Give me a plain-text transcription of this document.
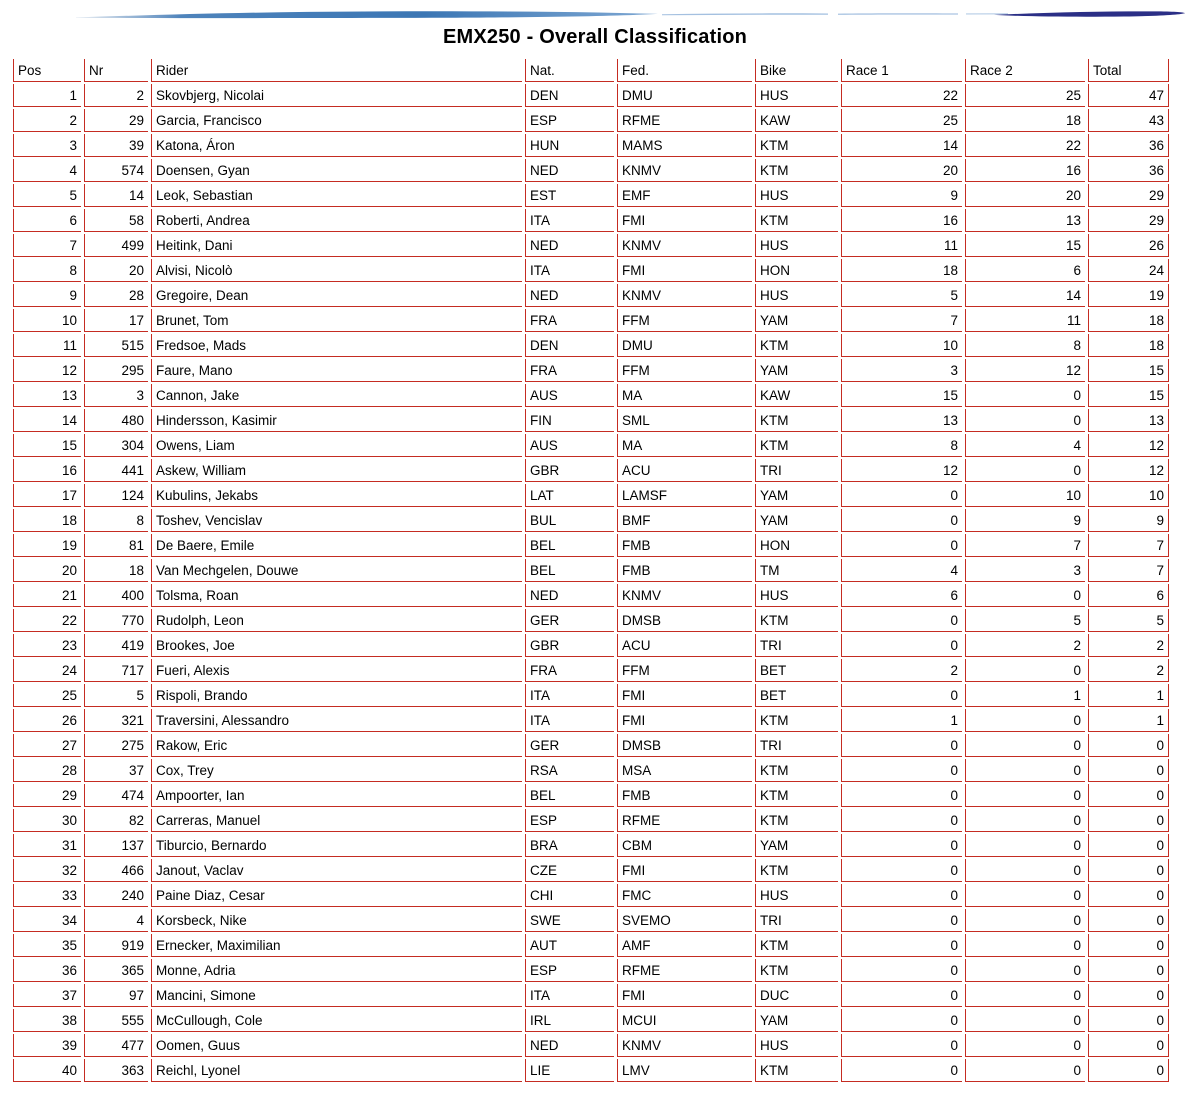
EMX250 - Overall Classification
Pos	Nr	Rider	Nat.	Fed.	Bike	Race 1	Race 2	Total
1	2	Skovbjerg, Nicolai	DEN	DMU	HUS	22	25	47
2	29	Garcia, Francisco	ESP	RFME	KAW	25	18	43
3	39	Katona, Áron	HUN	MAMS	KTM	14	22	36
4	574	Doensen, Gyan	NED	KNMV	KTM	20	16	36
5	14	Leok, Sebastian	EST	EMF	HUS	9	20	29
6	58	Roberti, Andrea	ITA	FMI	KTM	16	13	29
7	499	Heitink, Dani	NED	KNMV	HUS	11	15	26
8	20	Alvisi, Nicolò	ITA	FMI	HON	18	6	24
9	28	Gregoire, Dean	NED	KNMV	HUS	5	14	19
10	17	Brunet, Tom	FRA	FFM	YAM	7	11	18
11	515	Fredsoe, Mads	DEN	DMU	KTM	10	8	18
12	295	Faure, Mano	FRA	FFM	YAM	3	12	15
13	3	Cannon, Jake	AUS	MA	KAW	15	0	15
14	480	Hindersson, Kasimir	FIN	SML	KTM	13	0	13
15	304	Owens, Liam	AUS	MA	KTM	8	4	12
16	441	Askew, William	GBR	ACU	TRI	12	0	12
17	124	Kubulins, Jekabs	LAT	LAMSF	YAM	0	10	10
18	8	Toshev, Vencislav	BUL	BMF	YAM	0	9	9
19	81	De Baere, Emile	BEL	FMB	HON	0	7	7
20	18	Van Mechgelen, Douwe	BEL	FMB	TM	4	3	7
21	400	Tolsma, Roan	NED	KNMV	HUS	6	0	6
22	770	Rudolph, Leon	GER	DMSB	KTM	0	5	5
23	419	Brookes, Joe	GBR	ACU	TRI	0	2	2
24	717	Fueri, Alexis	FRA	FFM	BET	2	0	2
25	5	Rispoli, Brando	ITA	FMI	BET	0	1	1
26	321	Traversini, Alessandro	ITA	FMI	KTM	1	0	1
27	275	Rakow, Eric	GER	DMSB	TRI	0	0	0
28	37	Cox, Trey	RSA	MSA	KTM	0	0	0
29	474	Ampoorter, Ian	BEL	FMB	KTM	0	0	0
30	82	Carreras, Manuel	ESP	RFME	KTM	0	0	0
31	137	Tiburcio, Bernardo	BRA	CBM	YAM	0	0	0
32	466	Janout, Vaclav	CZE	FMI	KTM	0	0	0
33	240	Paine Diaz, Cesar	CHI	FMC	HUS	0	0	0
34	4	Korsbeck, Nike	SWE	SVEMO	TRI	0	0	0
35	919	Ernecker, Maximilian	AUT	AMF	KTM	0	0	0
36	365	Monne, Adria	ESP	RFME	KTM	0	0	0
37	97	Mancini, Simone	ITA	FMI	DUC	0	0	0
38	555	McCullough, Cole	IRL	MCUI	YAM	0	0	0
39	477	Oomen, Guus	NED	KNMV	HUS	0	0	0
40	363	Reichl, Lyonel	LIE	LMV	KTM	0	0	0
